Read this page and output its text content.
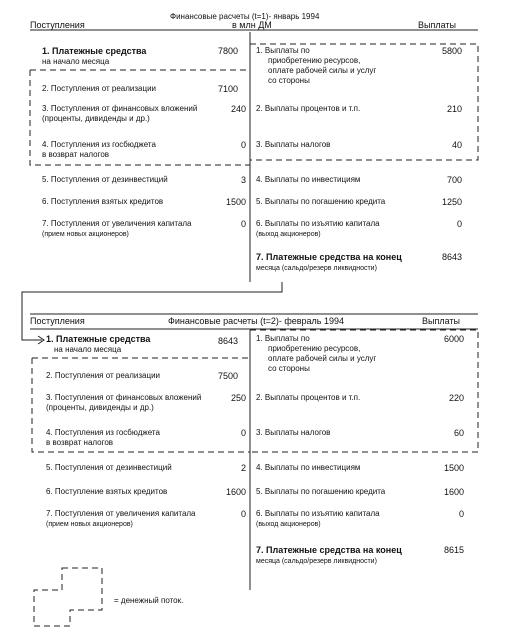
Финансовые расчеты (t=1)- январь 1994
Поступления	в млн ДМ	Выплаты
1. Платежные средства
на начало месяца
7800
2. Поступления от реализации	7100
3. Поступления от финансовых вложений
(проценты, дивиденды и др.)
240
4. Поступления из госбюджета
в возврат налогов
0
5. Поступления от дезинвестиций	3
6. Поступления взятых кредитов	1500
7. Поступления от увеличения капитала
(прием новых акционеров)
0
1. Выплаты по
приобретению ресурсов,
оплате рабочей силы и услуг
со стороны
5800
2. Выплаты процентов и т.п.	210
3. Выплаты налогов	40
4. Выплаты по инвестициям	700
5. Выплаты по погашению кредита	1250
6. Выплаты по изъятию капитала
(выход акционеров)
0
7. Платежные средства на конец
месяца (сальдо/резерв ликвидности)
8643
Поступления	Финансовые расчеты (t=2)- февраль 1994	Выплаты
1. Платежные средства
на начало месяца
8643
2. Поступления от реализации	7500
3. Поступления от финансовых вложений
(проценты, дивиденды и др.)
250
4. Поступления из госбюджета
в возврат налогов
0
5. Поступления от дезинвестиций	2
6. Поступление взятых кредитов	1600
7. Поступления от увеличения капитала
(прием новых акционеров)
0
1. Выплаты по
приобретению ресурсов,
оплате рабочей силы и услуг
со стороны
6000
2. Выплаты процентов и т.п.	220
3. Выплаты налогов	60
4. Выплаты по инвестициям	1500
5. Выплаты по погашению кредита	1600
6. Выплаты по изъятию капитала
(выход акционеров)
0
7. Платежные средства на конец
месяца (сальдо/резерв ликвидности)
8615
= денежный поток.
